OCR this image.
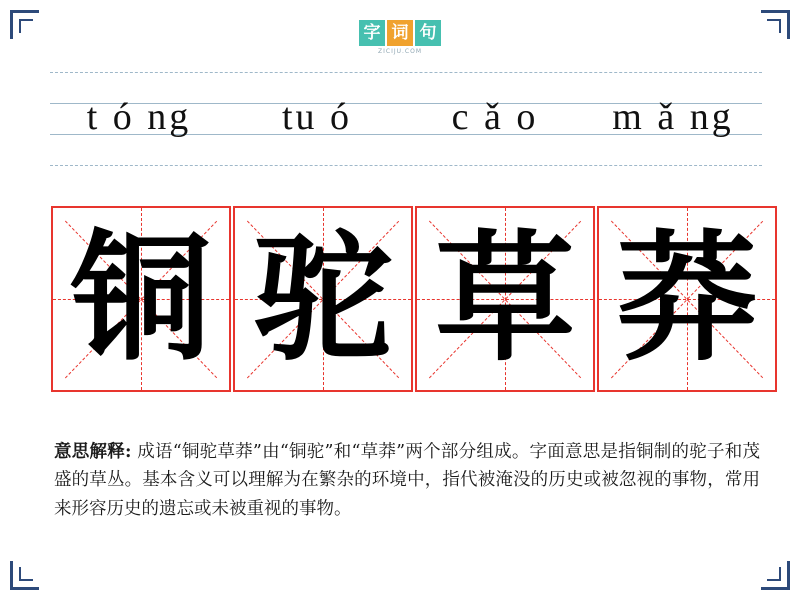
字 词 句
ZICIJU.COM
t ó ng	tu ó	c ǎ o	m ǎ ng
铜 驼 草 莽
意思解释: 成语“铜驼草莽”由“铜驼”和“草莽”两个部分组成。字面意思是指铜制的驼子和茂盛的草丛。基本含义可以理解为在繁杂的环境中，指代被淹没的历史或被忽视的事物，常用来形容历史的遗忘或未被重视的事物。
